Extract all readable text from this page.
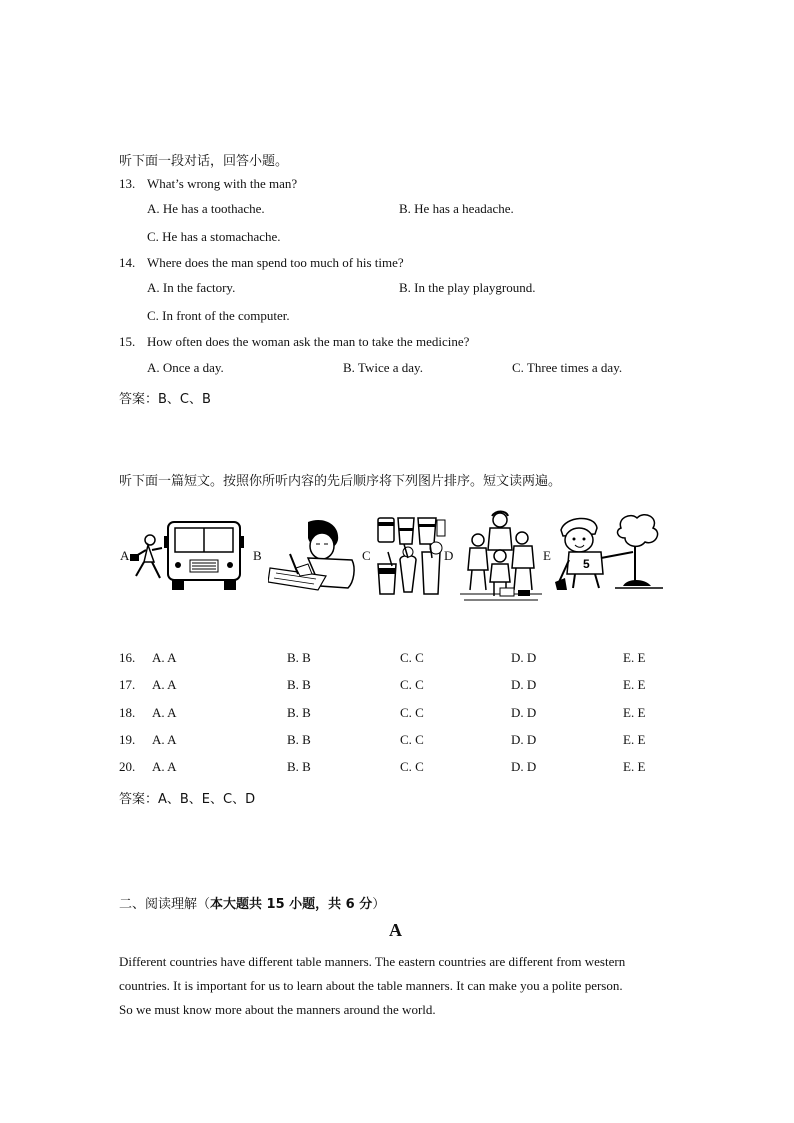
听下面一段对话，回答小题。
13. What’s wrong with the man?
A. He has a toothache.	B. He has a headache.
C. He has a stomachache.
14. Where does the man spend too much of his time?
A. In the factory.	B. In the play playground.
C. In front of the computer.
15. How often does the woman ask the man to take the medicine?
A. Once a day.	B. Twice a day.	C. Three times a day.
答案：B、C、B
听下面一篇短文。按照你所听内容的先后顺序将下列图片排序。短文读两遍。
A	B	C	D	E
5
16. A. A	B. B	C. C	D. D	E. E
17. A. A	B. B	C. C	D. D	E. E
18. A. A	B. B	C. C	D. D	E. E
19. A. A	B. B	C. C	D. D	E. E
20. A. A	B. B	C. C	D. D	E. E
答案：A、B、E、C、D
二、阅读理解（本大题共 15 小题，共 6 分）
A
Different countries have different table manners. The eastern countries are different from western
countries. It is important for us to learn about the table manners. It can make you a polite person.
So we must know more about the manners around the world.
